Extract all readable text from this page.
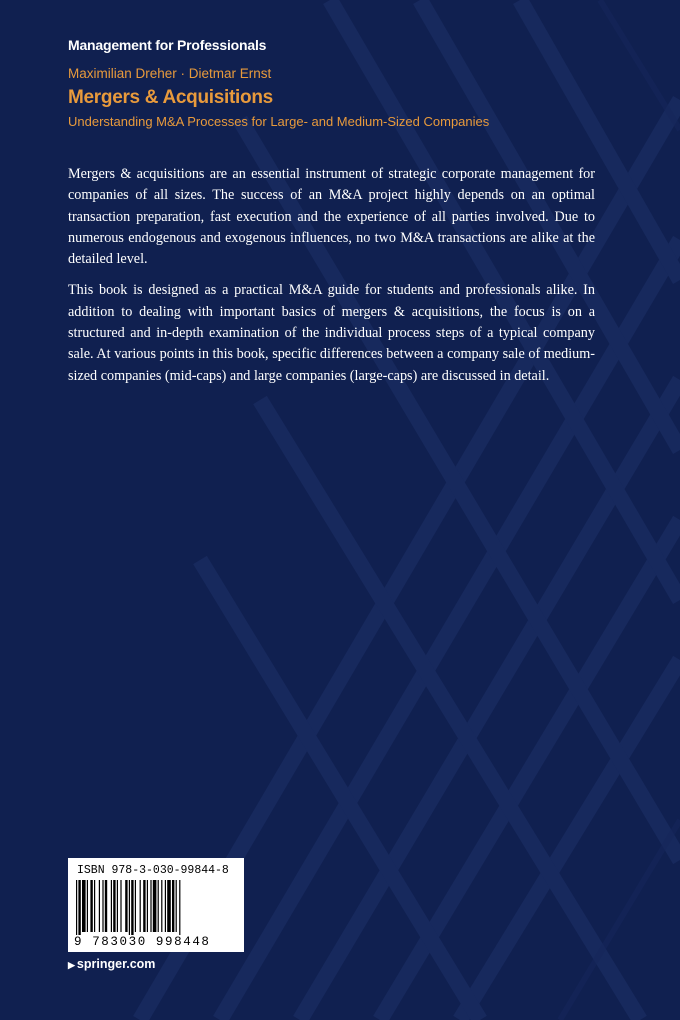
Management for Professionals
Maximilian Dreher · Dietmar Ernst
Mergers & Acquisitions
Understanding M&A Processes for Large- and Medium-Sized Companies

Mergers & acquisitions are an essential instrument of strategic corporate management for companies of all sizes. The success of an M&A project highly depends on an optimal transaction preparation, fast execution and the experience of all parties involved. Due to numerous endogenous and exogenous influences, no two M&A transactions are alike at the detailed level.

This book is designed as a practical M&A guide for students and professionals alike. In addition to dealing with important basics of mergers & acquisitions, the focus is on a structured and in-depth examination of the individual process steps of a typical company sale. At various points in this book, specific differences between a company sale of medium-sized companies (mid-caps) and large companies (large-caps) are discussed in detail.

ISBN 978-3-030-99844-8
9 783030 998448
▶ springer.com
